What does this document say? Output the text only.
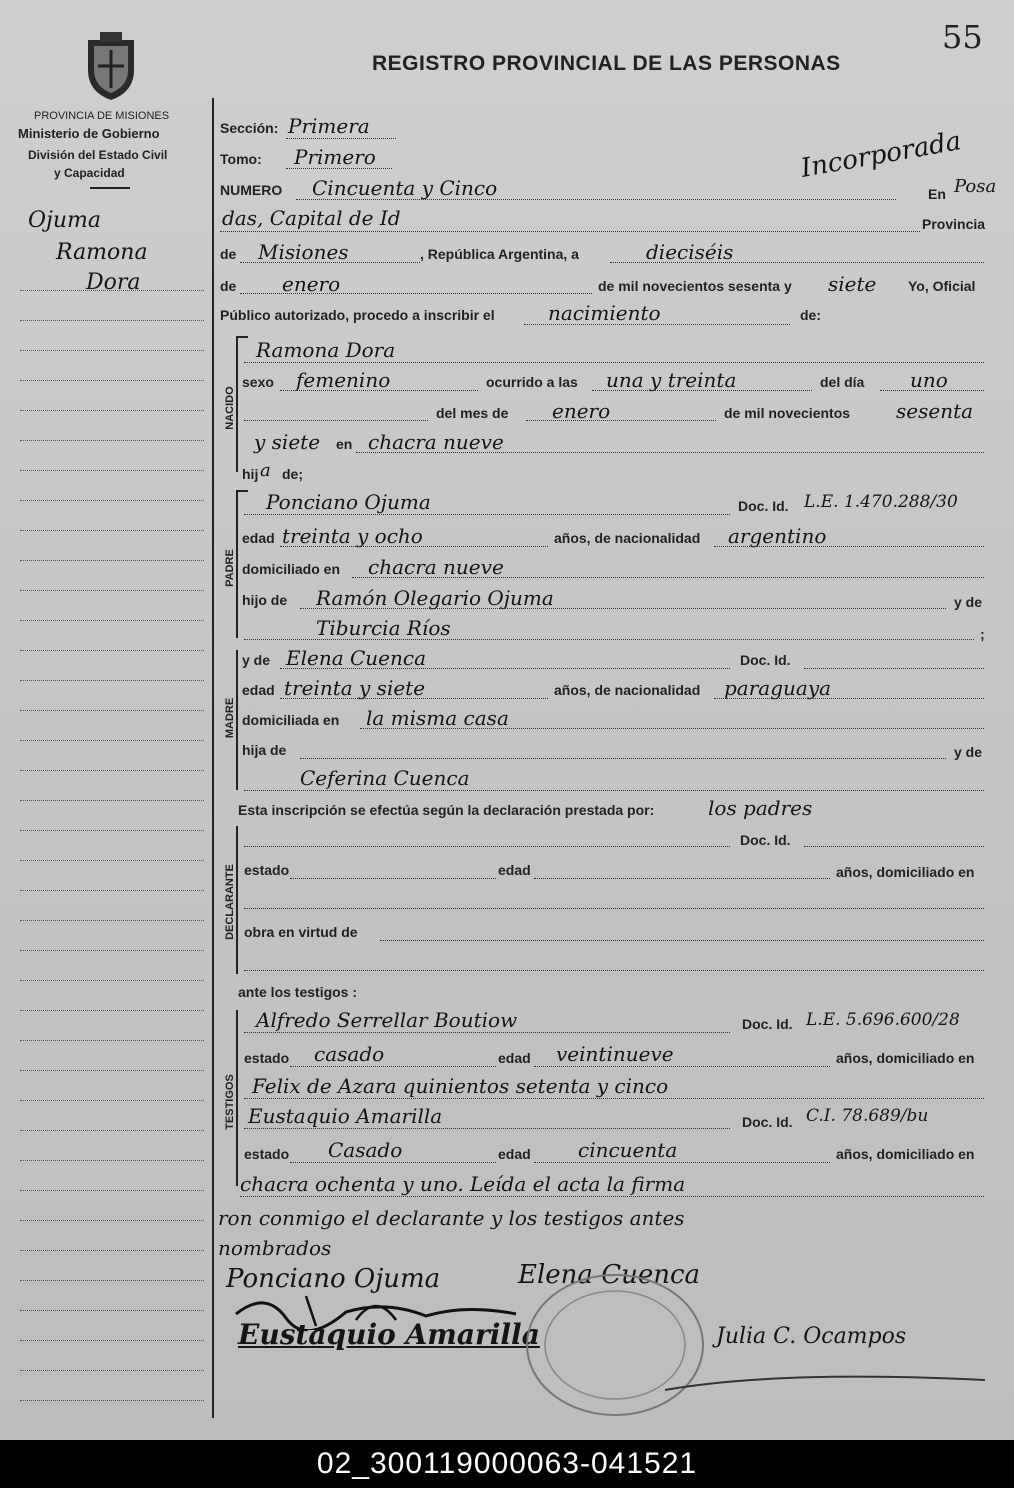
55
REGISTRO PROVINCIAL DE LAS PERSONAS
PROVINCIA DE MISIONES
Ministerio de Gobierno
División del Estado Civil
y Capacidad
Ojuma
Ramona
Dora
Incorporada
Sección: Primera
Tomo: Primero
NUMERO Cincuenta y Cinco	En Posa
das, Capital de Id	Provincia
de Misiones	, República Argentina, a	dieciséis
de enero	de mil novecientos sesenta y siete Yo, Oficial
Público autorizado, procedo a inscribir el	nacimiento	de:
NACIDO
Ramona Dora
sexo femenino	ocurrido a las una y treinta	del día uno
del mes de enero	de mil novecientos sesenta
y siete en chacra nueve
hij a de;
PADRE
Ponciano Ojuma	Doc. Id. L.E. 1.470.288/30
edad treinta y ocho	años, de nacionalidad argentino
domiciliado en chacra nueve
hijo de Ramón Olegario Ojuma	y de
Tiburcia Ríos	;
MADRE
y de Elena Cuenca	Doc. Id.
edad treinta y siete	años, de nacionalidad paraguaya
domiciliada en la misma casa
hija de	y de
Ceferina Cuenca
Esta inscripción se efectúa según la declaración prestada por:	los padres
DECLARANTE
Doc. Id.
estado	edad	años, domiciliado en
obra en virtud de
ante los testigos :
TESTIGOS
Alfredo Serrellar Boutiow	Doc. Id. L.E. 5.696.600/28
estado casado	edad veintinueve	años, domiciliado en
Felix de Azara quinientos setenta y cinco
Eustaquio Amarilla	Doc. Id. C.I. 78.689/bu
estado Casado	edad cincuenta	años, domiciliado en
chacra ochenta y uno. Leída el acta la firma
ron conmigo el declarante y los testigos antes
nombrados
Ponciano Ojuma	Elena Cuenca
Eustaquio Amarilla	Julia C. Ocampos
02_300119000063-041521
